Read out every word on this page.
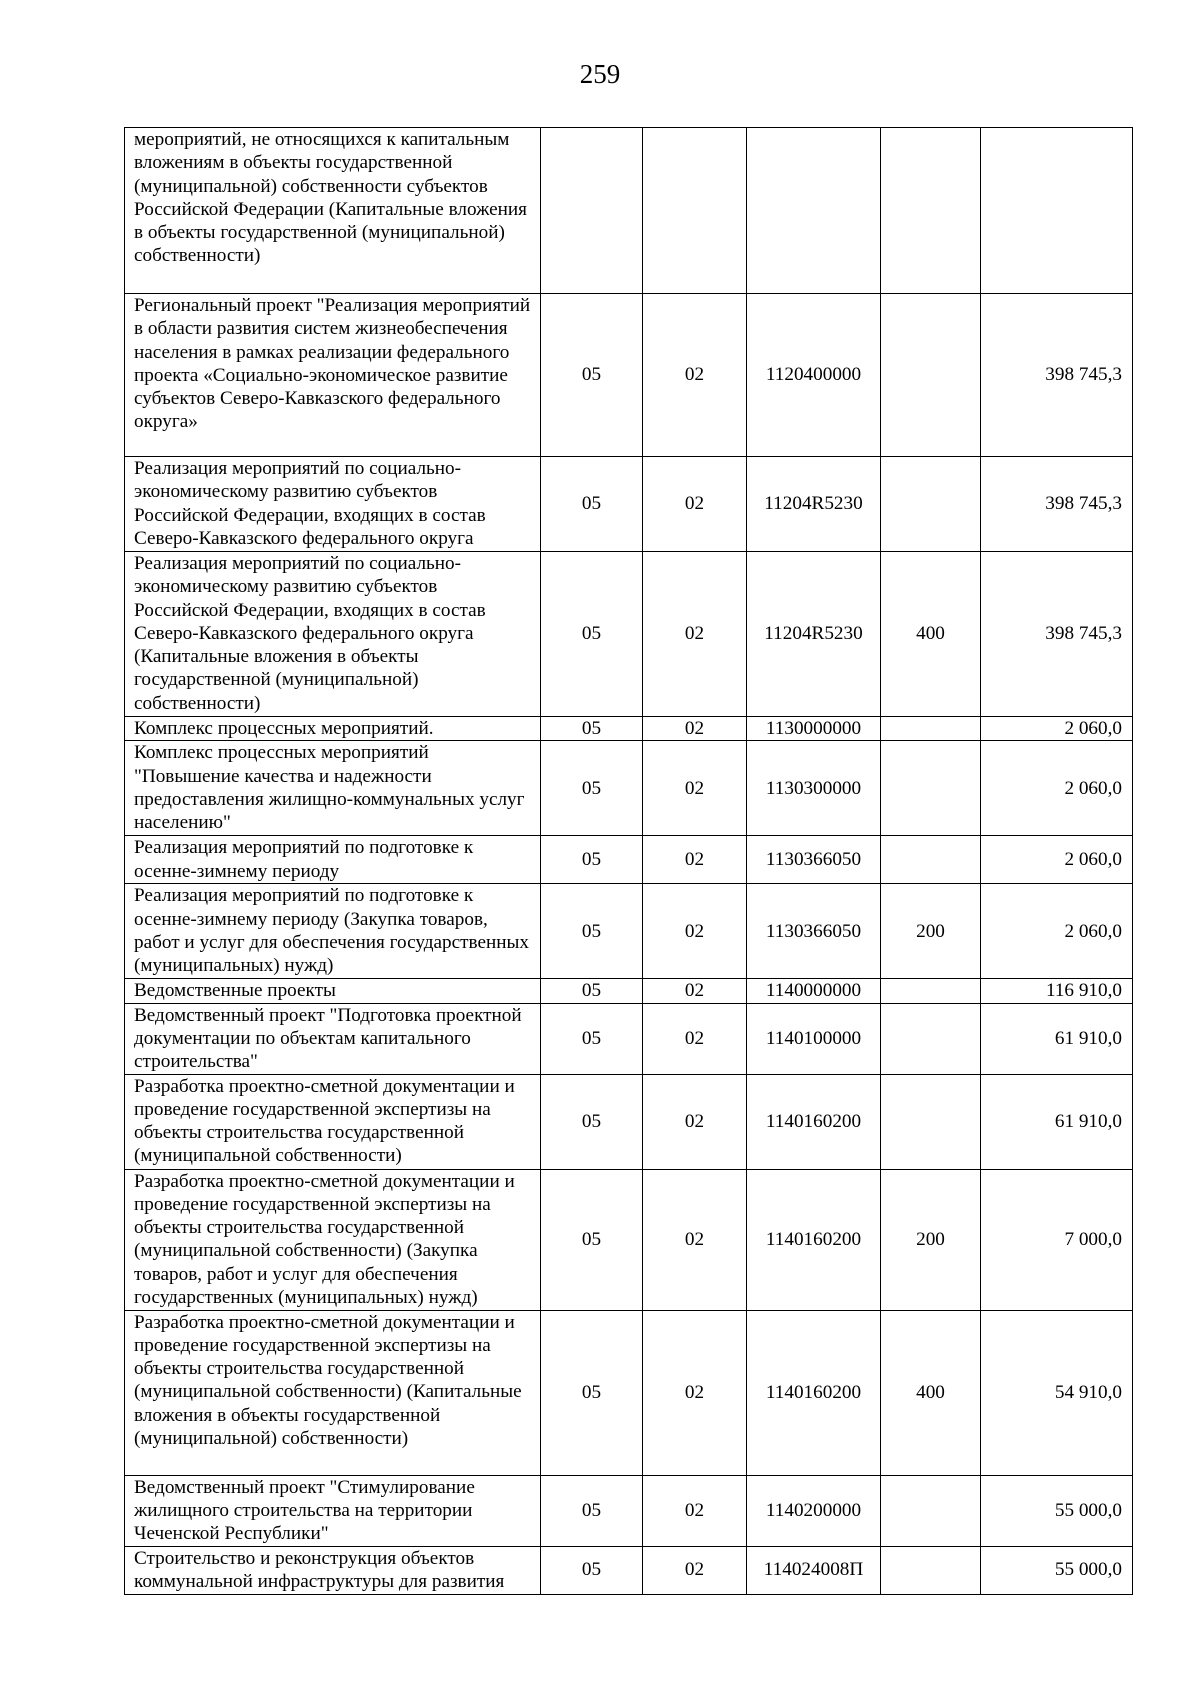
259
мероприятий, не относящихся к капитальным вложениям в объекты государственной (муниципальной) собственности субъектов Российской Федерации (Капитальные вложения в объекты государственной (муниципальной) собственности)					
Региональный проект "Реализация мероприятий в области развития систем жизнеобеспечения населения в рамках реализации федерального проекта «Социально-экономическое развитие субъектов Северо-Кавказского федерального округа»	05	02	1120400000		398 745,3
Реализация мероприятий по социально-экономическому развитию субъектов Российской Федерации, входящих в состав Северо-Кавказского федерального округа	05	02	11204R5230		398 745,3
Реализация мероприятий по социально-экономическому развитию субъектов Российской Федерации, входящих в состав Северо-Кавказского федерального округа (Капитальные вложения в объекты государственной (муниципальной) собственности)	05	02	11204R5230	400	398 745,3
Комплекс процессных мероприятий.	05	02	1130000000		2 060,0
Комплекс процессных мероприятий "Повышение качества и надежности предоставления жилищно-коммунальных услуг населению"	05	02	1130300000		2 060,0
Реализация мероприятий по подготовке к осенне-зимнему периоду	05	02	1130366050		2 060,0
Реализация мероприятий по подготовке к осенне-зимнему периоду (Закупка товаров, работ и услуг для обеспечения государственных (муниципальных) нужд)	05	02	1130366050	200	2 060,0
Ведомственные проекты	05	02	1140000000		116 910,0
Ведомственный проект "Подготовка проектной документации по объектам капитального строительства"	05	02	1140100000		61 910,0
Разработка проектно-сметной документации и проведение государственной экспертизы на объекты строительства государственной (муниципальной собственности)	05	02	1140160200		61 910,0
Разработка проектно-сметной документации и проведение государственной экспертизы на объекты строительства государственной (муниципальной собственности) (Закупка товаров, работ и услуг для обеспечения государственных (муниципальных) нужд)	05	02	1140160200	200	7 000,0
Разработка проектно-сметной документации и проведение государственной экспертизы на объекты строительства государственной (муниципальной собственности) (Капитальные вложения в объекты государственной (муниципальной) собственности)	05	02	1140160200	400	54 910,0
Ведомственный проект "Стимулирование жилищного строительства на территории Чеченской Республики"	05	02	1140200000		55 000,0
Строительство и реконструкция объектов коммунальной инфраструктуры для развития	05	02	114024008П		55 000,0
